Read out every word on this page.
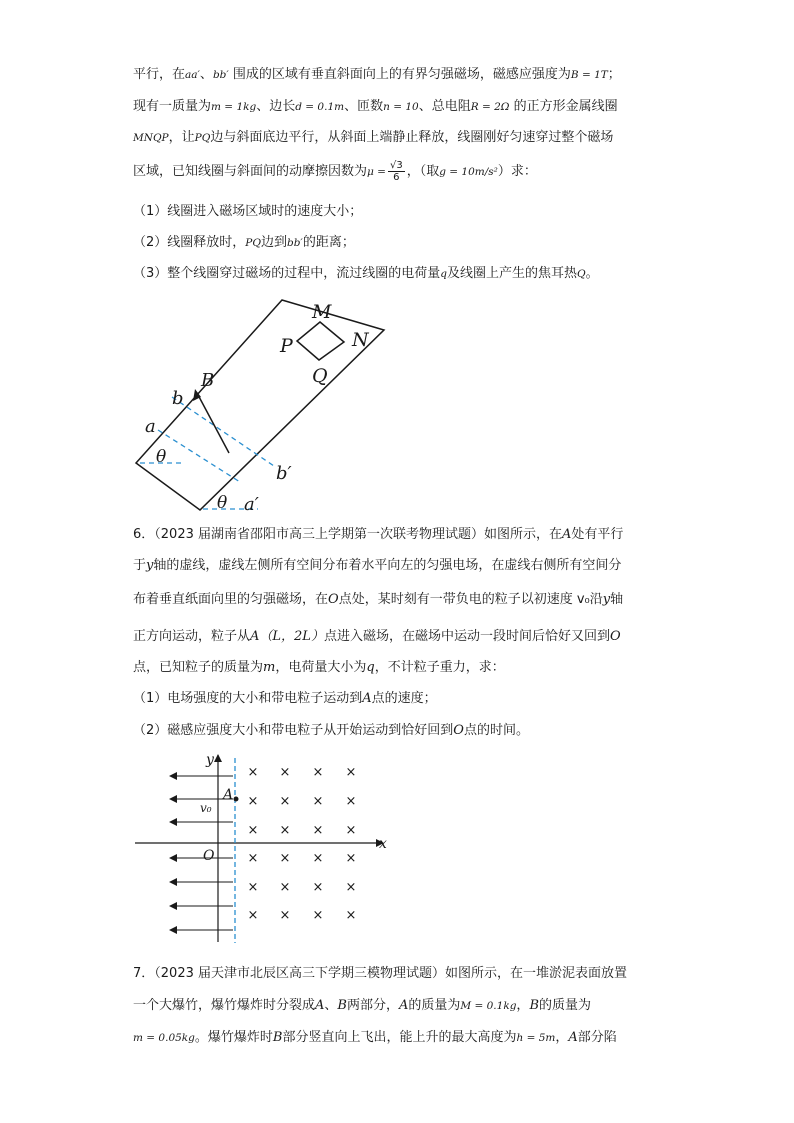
平行，在aa′、bb′ 围成的区域有垂直斜面向上的有界匀强磁场，磁感应强度为B = 1T；
现有一质量为m = 1kg、边长d = 0.1m、匝数n = 10、总电阻R = 2Ω 的正方形金属线圈
MNQP，让PQ边与斜面底边平行，从斜面上端静止释放，线圈刚好匀速穿过整个磁场
区域，已知线圈与斜面间的动摩擦因数为$\mu = \frac{√3}{6}$ ，（取g = 10m/s²）求：
（1）线圈进入磁场区域时的速度大小；
（2）线圈释放时，PQ边到bb′的距离；
（3）整个线圈穿过磁场的过程中，流过线圈的电荷量q及线圈上产生的焦耳热Q。
M
N
P
Q
B
b
a
θ
b′
θ a′
6．（2023 届湖南省邵阳市高三上学期第一次联考物理试题）如图所示，在A处有平行
于y轴的虚线，虚线左侧所有空间分布着水平向左的匀强电场，在虚线右侧所有空间分
布着垂直纸面向里的匀强磁场，在O点处，某时刻有一带负电的粒子以初速度 v₀沿y轴
正方向运动，粒子从A（L，2L）点进入磁场，在磁场中运动一段时间后恰好又回到O
点，已知粒子的质量为m，电荷量大小为q，不计粒子重力，求：
（1）电场强度的大小和带电粒子运动到A点的速度；
（2）磁感应强度大小和带电粒子从开始运动到恰好回到O点的时间。
× × × ×
× × × ×
× × × ×
× × × ×
× × × ×
× × × ×
y
x
O
A
v₀
7．（2023 届天津市北辰区高三下学期三模物理试题）如图所示，在一堆淤泥表面放置
一个大爆竹，爆竹爆炸时分裂成A、B两部分，A的质量为M = 0.1kg，B的质量为
m = 0.05kg。爆竹爆炸时B部分竖直向上飞出，能上升的最大高度为h = 5m，A部分陷
